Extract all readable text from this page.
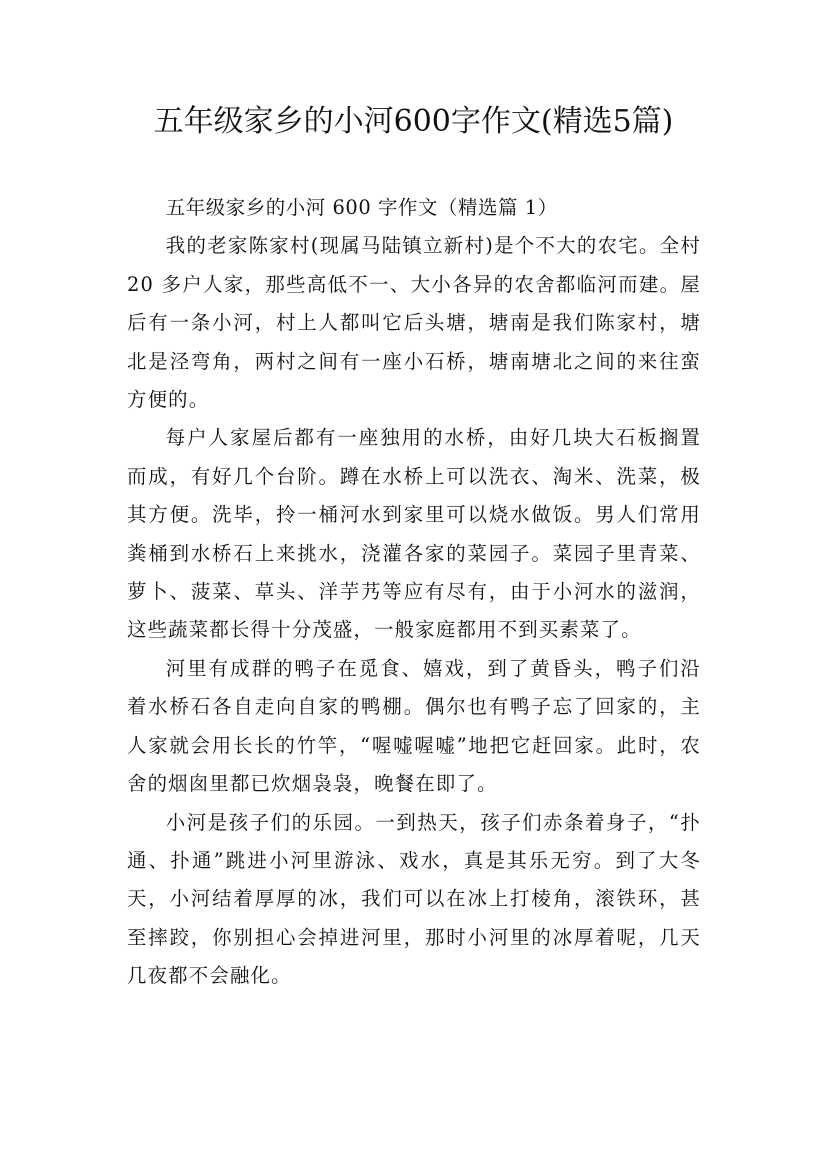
五年级家乡的小河600字作文(精选5篇)
五年级家乡的小河 600 字作文（精选篇 1）

我的老家陈家村(现属马陆镇立新村)是个不大的农宅。全村 20 多户人家，那些高低不一、大小各异的农舍都临河而建。屋后有一条小河，村上人都叫它后头塘，塘南是我们陈家村，塘北是泾弯角，两村之间有一座小石桥，塘南塘北之间的来往蛮方便的。

每户人家屋后都有一座独用的水桥，由好几块大石板搁置而成，有好几个台阶。蹲在水桥上可以洗衣、淘米、洗菜，极其方便。洗毕，拎一桶河水到家里可以烧水做饭。男人们常用粪桶到水桥石上来挑水，浇灌各家的菜园子。菜园子里青菜、萝卜、菠菜、草头、洋芋艿等应有尽有，由于小河水的滋润，这些蔬菜都长得十分茂盛，一般家庭都用不到买素菜了。

河里有成群的鸭子在觅食、嬉戏，到了黄昏头，鸭子们沿着水桥石各自走向自家的鸭棚。偶尔也有鸭子忘了回家的，主人家就会用长长的竹竿，“喔嘘喔嘘”地把它赶回家。此时，农舍的烟囱里都已炊烟袅袅，晚餐在即了。

小河是孩子们的乐园。一到热天，孩子们赤条着身子，“扑通、扑通”跳进小河里游泳、戏水，真是其乐无穷。到了大冬天，小河结着厚厚的冰，我们可以在冰上打棱角，滚铁环，甚至摔跤，你别担心会掉进河里，那时小河里的冰厚着呢，几天几夜都不会融化。
